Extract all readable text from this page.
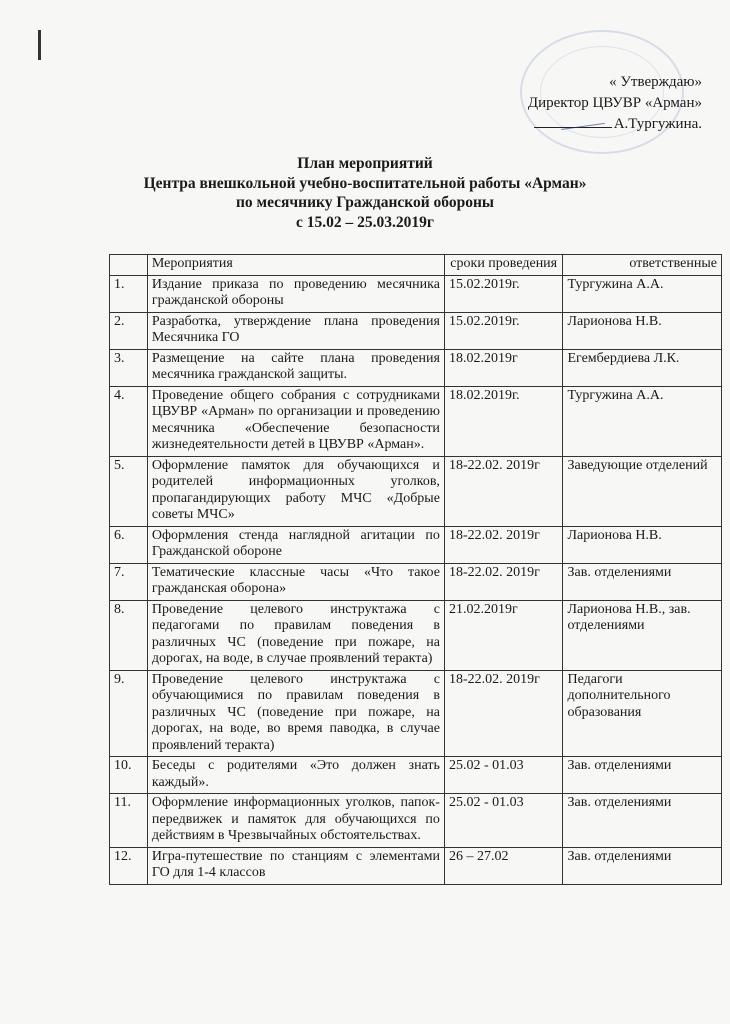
« Утверждаю»
Директор ЦВУВР «Арман»
А.Тургужина.
План мероприятий
Центра внешкольной учебно-воспитательной работы «Арман»
по месячнику Гражданской обороны
с 15.02 – 25.03.2019г
	Мероприятия	сроки проведения	ответственные
1.	Издание приказа по проведению месячника гражданской обороны	15.02.2019г.	Тургужина А.А.
2.	Разработка, утверждение плана проведения Месячника ГО	15.02.2019г.	Ларионова Н.В.
3.	Размещение на сайте плана проведения месячника гражданской защиты.	18.02.2019г	Егембердиева Л.К.
4.	Проведение общего собрания с сотрудниками ЦВУВР «Арман» по организации и проведению месячника «Обеспечение безопасности жизнедеятельности детей в ЦВУВР «Арман».	18.02.2019г.	Тургужина А.А.
5.	Оформление памяток для обучающихся и родителей информационных уголков, пропагандирующих работу МЧС «Добрые советы МЧС»	18-22.02. 2019г	Заведующие отделений
6.	Оформления стенда наглядной агитации по Гражданской обороне	18-22.02. 2019г	Ларионова Н.В.
7.	Тематические классные часы «Что такое гражданская оборона»	18-22.02. 2019г	Зав. отделениями
8.	Проведение целевого инструктажа с педагогами по правилам поведения в различных ЧС (поведение при пожаре, на дорогах, на воде, в случае проявлений теракта)	21.02.2019г	Ларионова Н.В., зав. отделениями
9.	Проведение целевого инструктажа с обучающимися по правилам поведения в различных ЧС (поведение при пожаре, на дорогах, на воде, во время паводка, в случае проявлений теракта)	18-22.02. 2019г	Педагоги дополнительного образования
10.	Беседы с родителями «Это должен знать каждый».	25.02 - 01.03	Зав. отделениями
11.	Оформление информационных уголков, папок-передвижек и памяток для обучающихся по действиям в Чрезвычайных обстоятельствах.	25.02 - 01.03	Зав. отделениями
12.	Игра-путешествие по станциям с элементами ГО для 1-4 классов	26 – 27.02	Зав. отделениями
